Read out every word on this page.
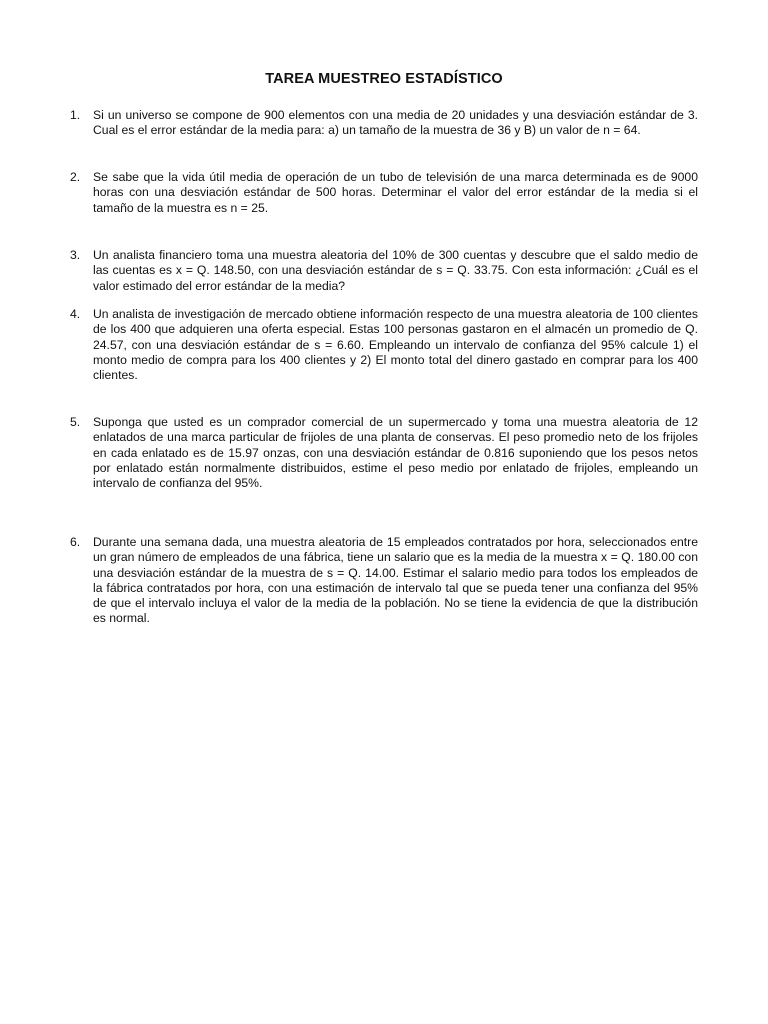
TAREA MUESTREO ESTADÍSTICO
1.	Si un universo se compone de 900 elementos con una media de 20 unidades y una desviación estándar de 3. Cual es el error estándar de la media para: a) un tamaño de la muestra de 36 y B) un valor de n = 64.
2.	Se sabe que la vida útil media de operación de un tubo de televisión de una marca determinada es de 9000 horas con una desviación estándar de 500 horas. Determinar el valor del error estándar de la media si el tamaño de la muestra es n = 25.
3.	Un analista financiero toma una muestra aleatoria del 10% de 300 cuentas y descubre que el saldo medio de las cuentas es x = Q. 148.50, con una desviación estándar de s = Q. 33.75. Con esta información: ¿Cuál es el valor estimado del error estándar de la media?
4.	Un analista de investigación de mercado obtiene información respecto de una muestra aleatoria de 100 clientes de los 400 que adquieren una oferta especial. Estas 100 personas gastaron en el almacén un promedio de Q. 24.57, con una desviación estándar de s = 6.60. Empleando un intervalo de confianza del 95% calcule 1) el monto medio de compra para los 400 clientes y 2) El monto total del dinero gastado en comprar para los 400 clientes.
5.	Suponga que usted es un comprador comercial de un supermercado y toma una muestra aleatoria de 12 enlatados de una marca particular de frijoles de una planta de conservas. El peso promedio neto de los frijoles en cada enlatado es de 15.97 onzas, con una desviación estándar de 0.816 suponiendo que los pesos netos por enlatado están normalmente distribuidos, estime el peso medio por enlatado de frijoles, empleando un intervalo de confianza del 95%.
6.	Durante una semana dada, una muestra aleatoria de 15 empleados contratados por hora, seleccionados entre un gran número de empleados de una fábrica, tiene un salario que es la media de la muestra x = Q. 180.00 con una desviación estándar de la muestra de s = Q. 14.00. Estimar el salario medio para todos los empleados de la fábrica contratados por hora, con una estimación de intervalo tal que se pueda tener una confianza del 95% de que el intervalo incluya el valor de la media de la población. No se tiene la evidencia de que la distribución es normal.
